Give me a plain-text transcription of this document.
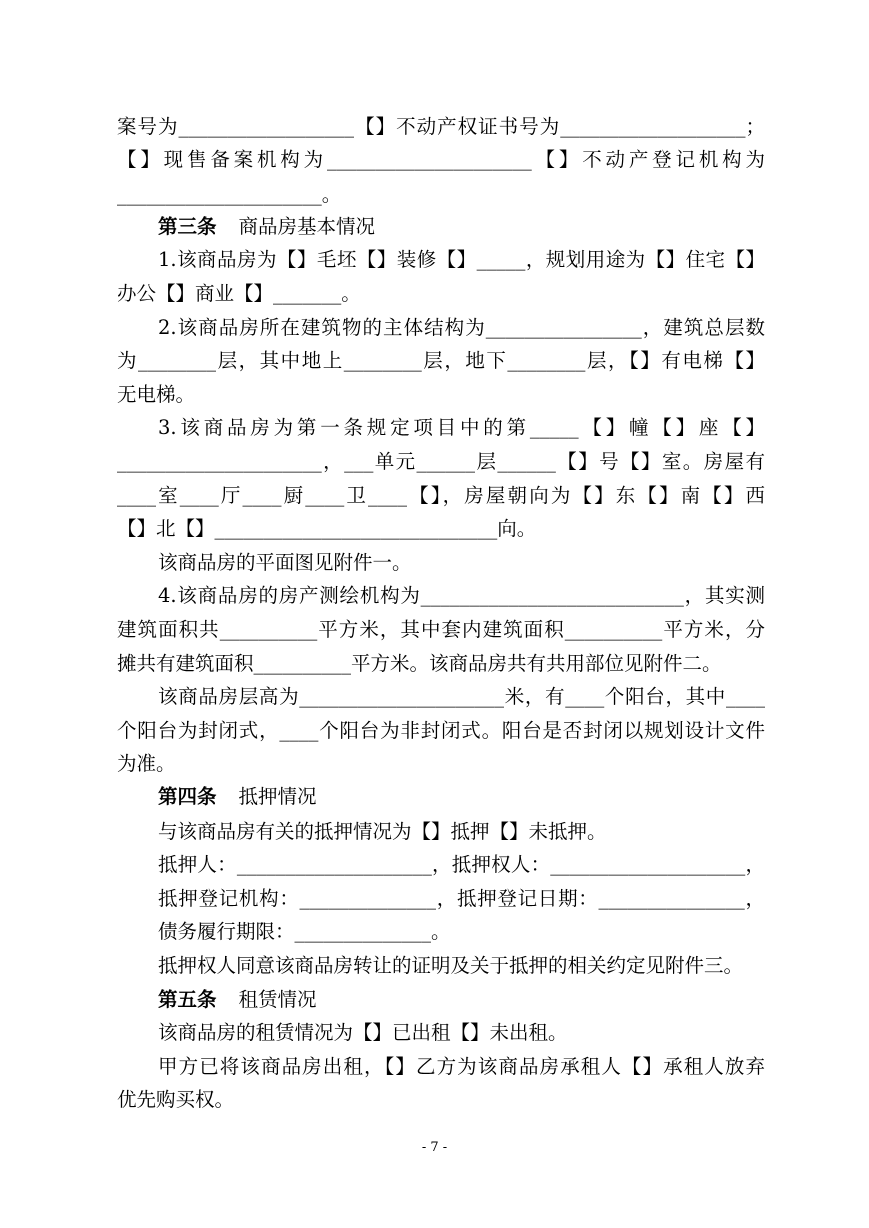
案号为__________________【】不动产权证书号为___________________；
【】现售备案机构为_____________________【】不动产登记机构为
_____________________。
第三条 商品房基本情况
1.该商品房为【】毛坯【】装修【】_____，规划用途为【】住宅【】
办公【】商业【】_______。
2.该商品房所在建筑物的主体结构为________________，建筑总层数
为________层，其中地上________层，地下________层，【】有电梯【】
无电梯。
3.该商品房为第一条规定项目中的第_____【】幢【】座【】
_____________________，___单元______层______【】号【】室。房屋有
____室____厅____厨____卫____【】，房屋朝向为【】东【】南【】西
【】北【】_____________________________向。
该商品房的平面图见附件一。
4.该商品房的房产测绘机构为___________________________，其实测
建筑面积共__________平方米，其中套内建筑面积__________平方米，分
摊共有建筑面积__________平方米。该商品房共有共用部位见附件二。
该商品房层高为_____________________米，有____个阳台，其中____
个阳台为封闭式，____个阳台为非封闭式。阳台是否封闭以规划设计文件
为准。
第四条 抵押情况
与该商品房有关的抵押情况为【】抵押【】未抵押。
抵押人：____________________，抵押权人：____________________，
抵押登记机构：______________，抵押登记日期：_______________，
债务履行期限：______________。
抵押权人同意该商品房转让的证明及关于抵押的相关约定见附件三。
第五条 租赁情况
该商品房的租赁情况为【】已出租【】未出租。
甲方已将该商品房出租，【】乙方为该商品房承租人【】承租人放弃
优先购买权。
- 7 -
